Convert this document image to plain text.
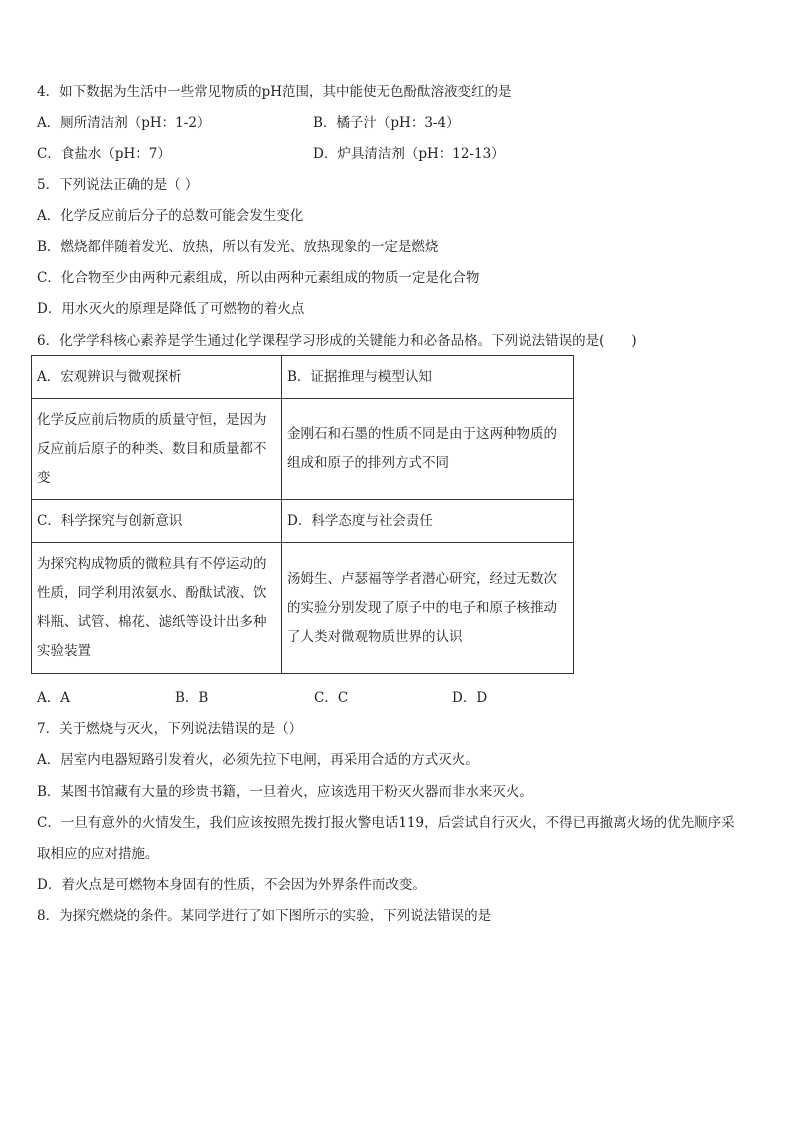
4．如下数据为生活中一些常见物质的pH范围，其中能使无色酚酞溶液变红的是
A．厕所清洁剂（pH：1-2）	B．橘子汁（pH：3-4）
C．食盐水（pH：7）	D．炉具清洁剂（pH：12-13）
5．下列说法正确的是（ ）
A．化学反应前后分子的总数可能会发生变化
B．燃烧都伴随着发光、放热，所以有发光、放热现象的一定是燃烧
C．化合物至少由两种元素组成，所以由两种元素组成的物质一定是化合物
D．用水灭火的原理是降低了可燃物的着火点
6．化学学科核心素养是学生通过化学课程学习形成的关键能力和必备品格。下列说法错误的是(　　)
A．宏观辨识与微观探析	B．证据推理与模型认知
化学反应前后物质的质量守恒，是因为反应前后原子的种类、数目和质量都不变	金刚石和石墨的性质不同是由于这两种物质的组成和原子的排列方式不同
C．科学探究与创新意识	D．科学态度与社会责任
为探究构成物质的微粒具有不停运动的性质，同学利用浓氨水、酚酞试液、饮料瓶、试管、棉花、滤纸等设计出多种实验装置	汤姆生、卢瑟福等学者潜心研究，经过无数次的实验分别发现了原子中的电子和原子核推动了人类对微观物质世界的认识
A．A	B．B	C．C	D．D
7．关于燃烧与灭火，下列说法错误的是（）
A．居室内电器短路引发着火，必须先拉下电闸，再采用合适的方式灭火。
B．某图书馆藏有大量的珍贵书籍，一旦着火，应该选用干粉灭火器而非水来灭火。
C．一旦有意外的火情发生，我们应该按照先拨打报火警电话119，后尝试自行灭火，不得已再撤离火场的优先顺序采
取相应的应对措施。
D．着火点是可燃物本身固有的性质，不会因为外界条件而改变。
8．为探究燃烧的条件。某同学进行了如下图所示的实验，下列说法错误的是
